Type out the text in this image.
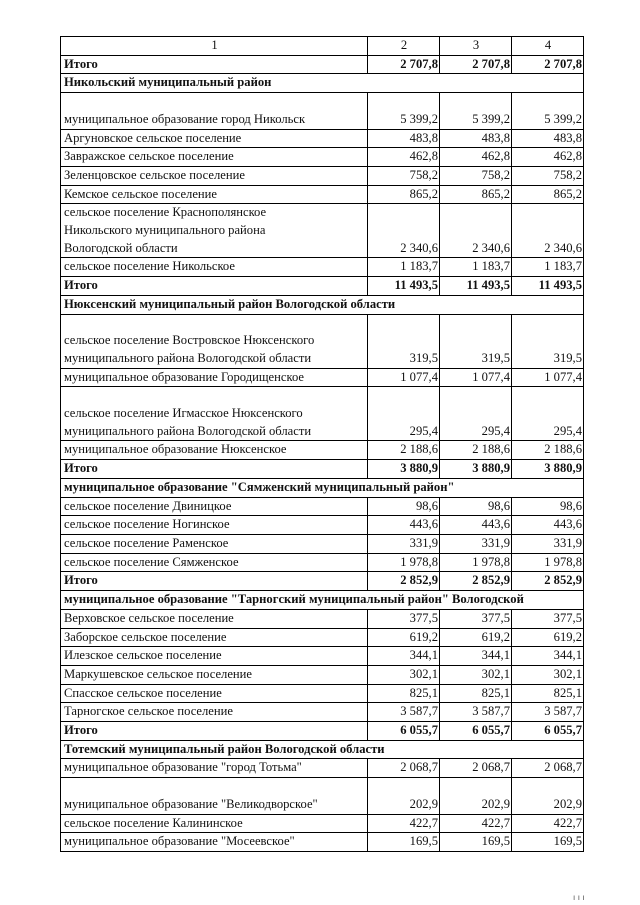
1	2	3	4

Итого	2 707,8	2 707,8	2 707,8
Никольский муниципальный район			

муниципальное образование город Никольск	5 399,2	5 399,2	5 399,2

Аргуновское сельское поселение	483,8	483,8	483,8

Завражское сельское поселение	462,8	462,8	462,8

Зеленцовское сельское поселение	758,2	758,2	758,2

Кемское сельское поселение	865,2	865,2	865,2

сельское поселение Краснополянское
Никольского муниципального района
Вологодской области	2 340,6	2 340,6	2 340,6

сельское поселение Никольское	1 183,7	1 183,7	1 183,7

Итого	11 493,5	11 493,5	11 493,5
Нюксенский муниципальный район Вологодской области			

сельское поселение Востровское Нюксенского
муниципального района Вологодской области	319,5	319,5	319,5

муниципальное образование Городищенское	1 077,4	1 077,4	1 077,4

сельское поселение Игмасское Нюксенского
муниципального района Вологодской области	295,4	295,4	295,4

муниципальное образование Нюксенское	2 188,6	2 188,6	2 188,6

Итого	3 880,9	3 880,9	3 880,9
муниципальное образование "Сямженский муниципальный район"			

сельское поселение Двиницкое	98,6	98,6	98,6

сельское поселение Ногинское	443,6	443,6	443,6

сельское поселение Раменское	331,9	331,9	331,9

сельское поселение Сямженское	1 978,8	1 978,8	1 978,8

Итого	2 852,9	2 852,9	2 852,9
муниципальное образование "Тарногский муниципальный район" Вологодской			

Верховское сельское поселение	377,5	377,5	377,5

Заборское сельское поселение	619,2	619,2	619,2

Илезское сельское поселение	344,1	344,1	344,1

Маркушевское сельское поселение	302,1	302,1	302,1

Спасское сельское поселение	825,1	825,1	825,1

Тарногское сельское поселение	3 587,7	3 587,7	3 587,7

Итого	6 055,7	6 055,7	6 055,7
Тотемский муниципальный район Вологодской области			

муниципальное образование "город Тотьма"	2 068,7	2 068,7	2 068,7

муниципальное образование "Великодворское"	202,9	202,9	202,9

сельское поселение Калининское	422,7	422,7	422,7

муниципальное образование "Мосеевское"	169,5	169,5	169,5
ı ı ı
